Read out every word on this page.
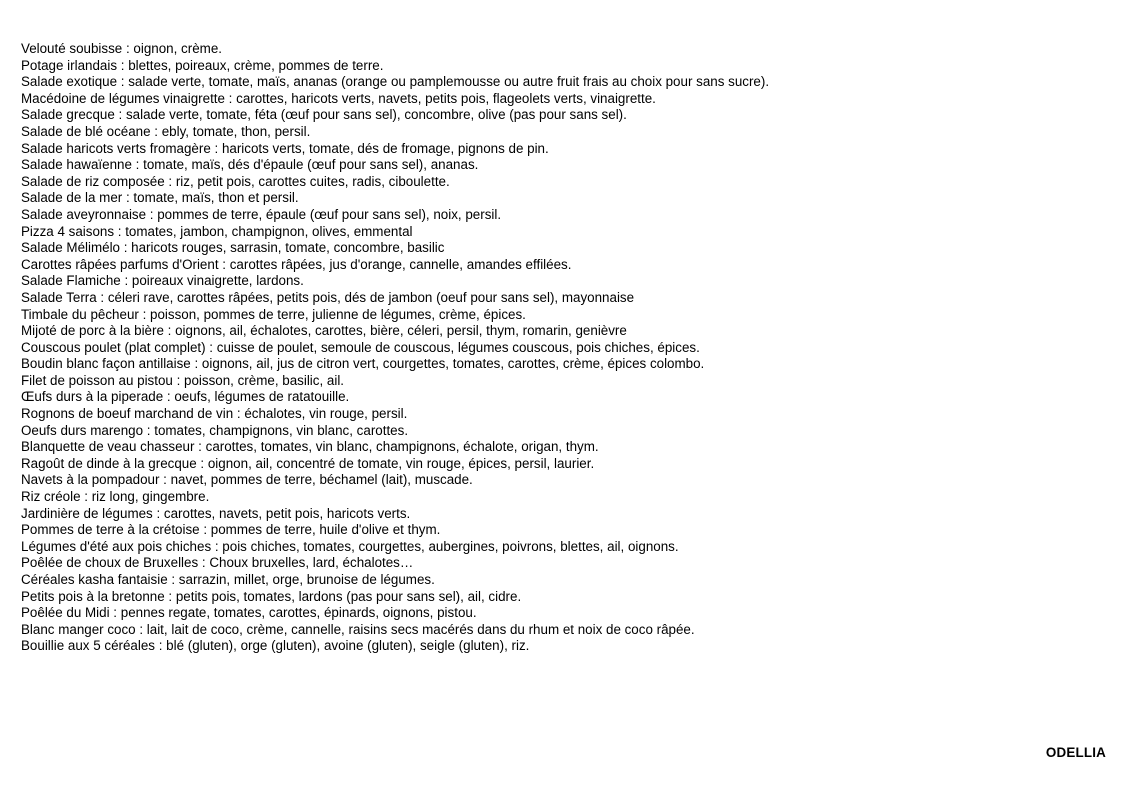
Velouté soubisse : oignon, crème.
Potage irlandais : blettes, poireaux, crème, pommes de terre.
Salade exotique : salade verte, tomate, maïs, ananas (orange ou pamplemousse ou autre fruit frais au choix pour sans sucre).
Macédoine de légumes vinaigrette : carottes, haricots verts, navets, petits pois, flageolets verts, vinaigrette.
Salade grecque : salade verte, tomate, féta (œuf pour sans sel), concombre, olive (pas pour sans sel).
Salade de blé océane : ebly, tomate, thon, persil.
Salade haricots verts fromagère : haricots verts, tomate, dés de fromage, pignons de pin.
Salade hawaïenne : tomate, maïs, dés d'épaule (œuf pour sans sel), ananas.
Salade de riz composée : riz, petit pois, carottes cuites, radis, ciboulette.
Salade de la mer : tomate, maïs, thon et persil.
Salade aveyronnaise : pommes de terre, épaule (œuf pour sans sel), noix, persil.
Pizza 4 saisons : tomates, jambon, champignon, olives, emmental
Salade Mélimélo : haricots rouges, sarrasin, tomate, concombre, basilic
Carottes râpées parfums d'Orient : carottes râpées, jus d'orange, cannelle, amandes effilées.
Salade Flamiche : poireaux vinaigrette, lardons.
Salade Terra : céleri rave, carottes râpées, petits pois, dés de jambon (oeuf pour sans sel), mayonnaise
Timbale du pêcheur : poisson, pommes de terre, julienne de légumes, crème, épices.
Mijoté de porc à la bière : oignons, ail, échalotes, carottes, bière, céleri, persil, thym, romarin, genièvre
Couscous poulet (plat complet) : cuisse de poulet, semoule de couscous, légumes couscous, pois chiches, épices.
Boudin blanc façon antillaise : oignons, ail, jus de citron vert, courgettes, tomates, carottes, crème, épices colombo.
Filet de poisson au pistou : poisson, crème, basilic, ail.
Œufs durs à la piperade : oeufs, légumes de ratatouille.
Rognons de boeuf marchand de vin : échalotes, vin rouge, persil.
Oeufs durs marengo : tomates, champignons, vin blanc, carottes.
Blanquette de veau chasseur : carottes, tomates, vin blanc, champignons, échalote, origan, thym.
Ragoût de dinde à la grecque : oignon, ail, concentré de tomate, vin rouge, épices, persil, laurier.
Navets à la pompadour : navet, pommes de terre, béchamel (lait), muscade.
Riz créole : riz long, gingembre.
Jardinière de légumes : carottes, navets, petit pois, haricots verts.
Pommes de terre à la crétoise : pommes de terre, huile d'olive et thym.
Légumes d'été aux pois chiches : pois chiches, tomates, courgettes, aubergines, poivrons, blettes, ail, oignons.
Poêlée de choux de Bruxelles : Choux bruxelles, lard, échalotes…
Céréales kasha fantaisie : sarrazin, millet, orge, brunoise de légumes.
Petits pois à la bretonne : petits pois, tomates, lardons (pas pour sans sel), ail, cidre.
Poêlée du Midi : pennes regate, tomates, carottes, épinards, oignons, pistou.
Blanc manger coco : lait, lait de coco, crème, cannelle, raisins secs macérés dans du rhum et noix de coco râpée.
Bouillie aux 5 céréales : blé (gluten), orge (gluten), avoine (gluten), seigle (gluten), riz.
ODELLIA
